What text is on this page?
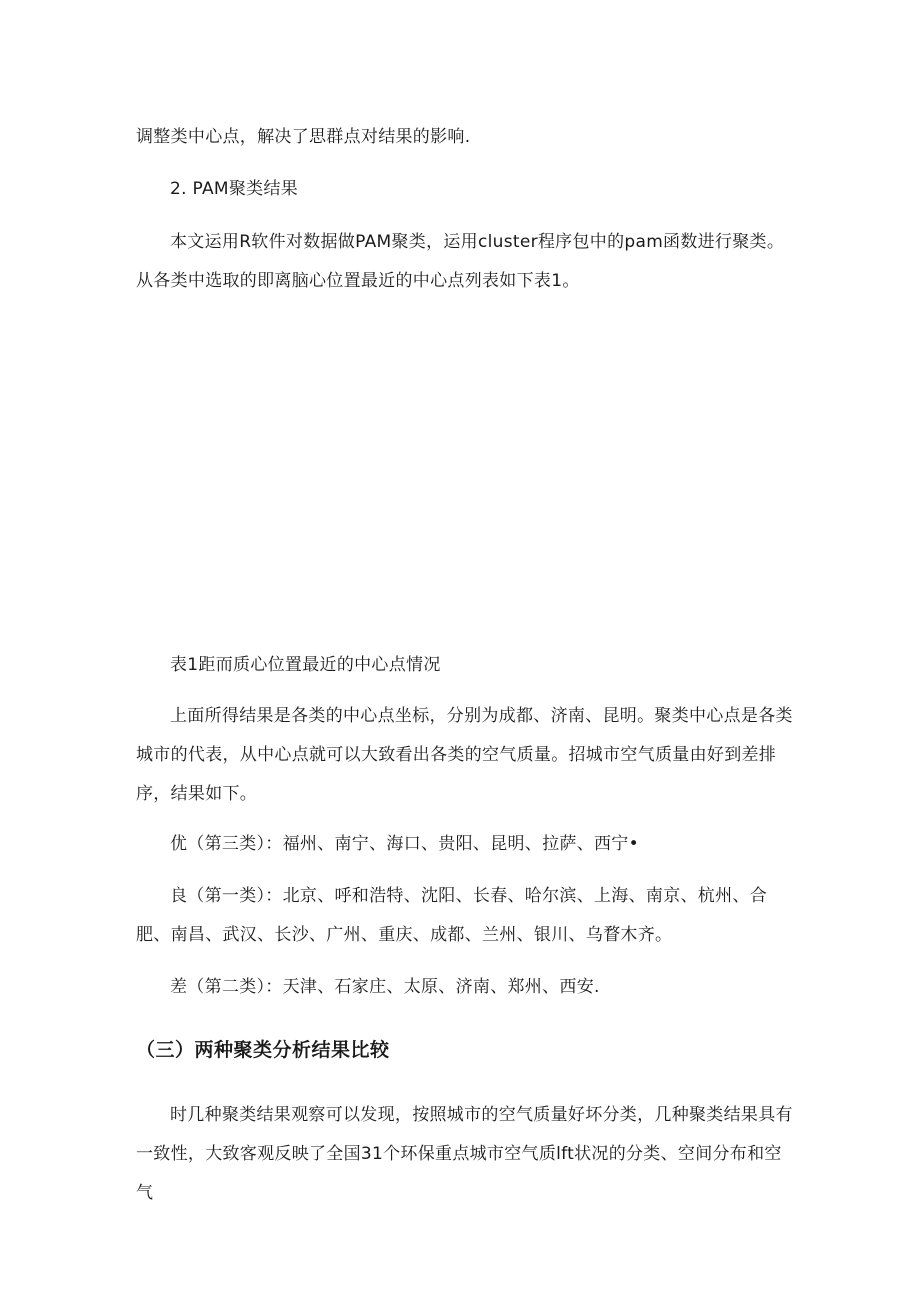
调整类中心点，解决了思群点对结果的影响.

2. PAM聚类结果

本文运用R软件对数据做PAM聚类，运用cluster程序包中的pam函数进行聚类。从各类中选取的即离脑心位置最近的中心点列表如下表1。

表1距而质心位置最近的中心点情况

上面所得结果是各类的中心点坐标，分别为成都、济南、昆明。聚类中心点是各类城市的代表，从中心点就可以大致看出各类的空气质量。招城市空气质量由好到差排序，结果如下。

优（第三类）：福州、南宁、海口、贵阳、昆明、拉萨、西宁•

良（第一类）：北京、呼和浩特、沈阳、长春、哈尔滨、上海、南京、杭州、合肥、南昌、武汉、长沙、广州、重庆、成都、兰州、银川、乌瞀木齐。

差（第二类）：天津、石家庄、太原、济南、郑州、西安.

（三）两种聚类分析结果比较

时几种聚类结果观察可以发现，按照城市的空气质量好坏分类，几种聚类结果具有一致性，大致客观反映了全国31个环保重点城市空气质lft状况的分类、空间分布和空气
